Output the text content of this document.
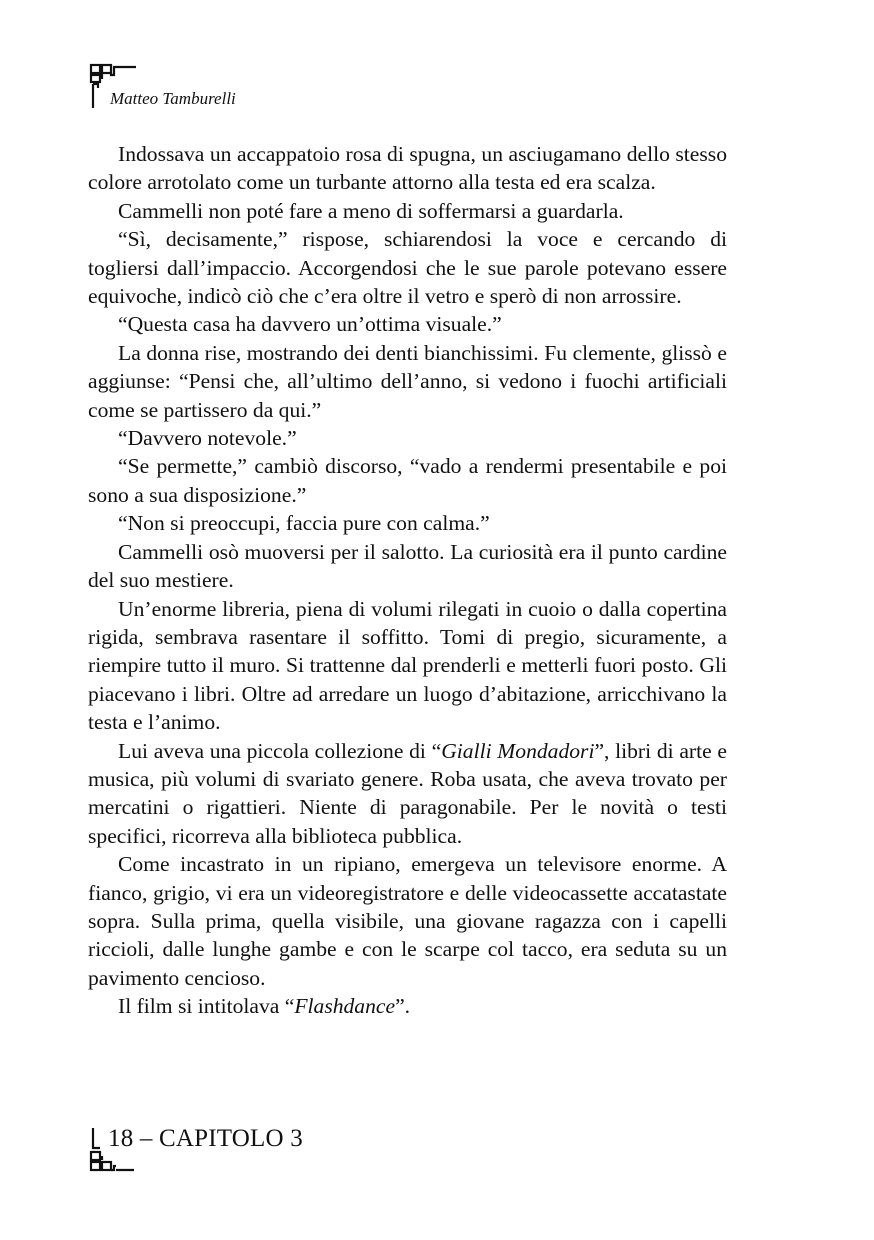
Matteo Tamburelli

Indossava un accappatoio rosa di spugna, un asciugamano dello stesso colore arrotolato come un turbante attorno alla testa ed era scalza.

Cammelli non poté fare a meno di soffermarsi a guardarla.

“Sì, decisamente,” rispose, schiarendosi la voce e cercando di togliersi dall’impaccio. Accorgendosi che le sue parole potevano essere equivoche, indicò ciò che c’era oltre il vetro e sperò di non arrossire.

“Questa casa ha davvero un’ottima visuale.”

La donna rise, mostrando dei denti bianchissimi. Fu clemente, glissò e aggiunse: “Pensi che, all’ultimo dell’anno, si vedono i fuochi artificiali come se partissero da qui.”

“Davvero notevole.”

“Se permette,” cambiò discorso, “vado a rendermi presentabile e poi sono a sua disposizione.”

“Non si preoccupi, faccia pure con calma.”

Cammelli osò muoversi per il salotto. La curiosità era il punto cardine del suo mestiere.

Un’enorme libreria, piena di volumi rilegati in cuoio o dalla copertina rigida, sembrava rasentare il soffitto. Tomi di pregio, sicuramente, a riempire tutto il muro. Si trattenne dal prenderli e metterli fuori posto. Gli piacevano i libri. Oltre ad arredare un luogo d’abitazione, arricchivano la testa e l’animo.

Lui aveva una piccola collezione di “Gialli Mondadori”, libri di arte e musica, più volumi di svariato genere. Roba usata, che aveva trovato per mercatini o rigattieri. Niente di paragonabile. Per le novità o testi specifici, ricorreva alla biblioteca pubblica.

Come incastrato in un ripiano, emergeva un televisore enorme. A fianco, grigio, vi era un videoregistratore e delle videocassette accatastate sopra. Sulla prima, quella visibile, una giovane ragazza con i capelli riccioli, dalle lunghe gambe e con le scarpe col tacco, era seduta su un pavimento cencioso.

Il film si intitolava “Flashdance”.

18 – CAPITOLO 3
